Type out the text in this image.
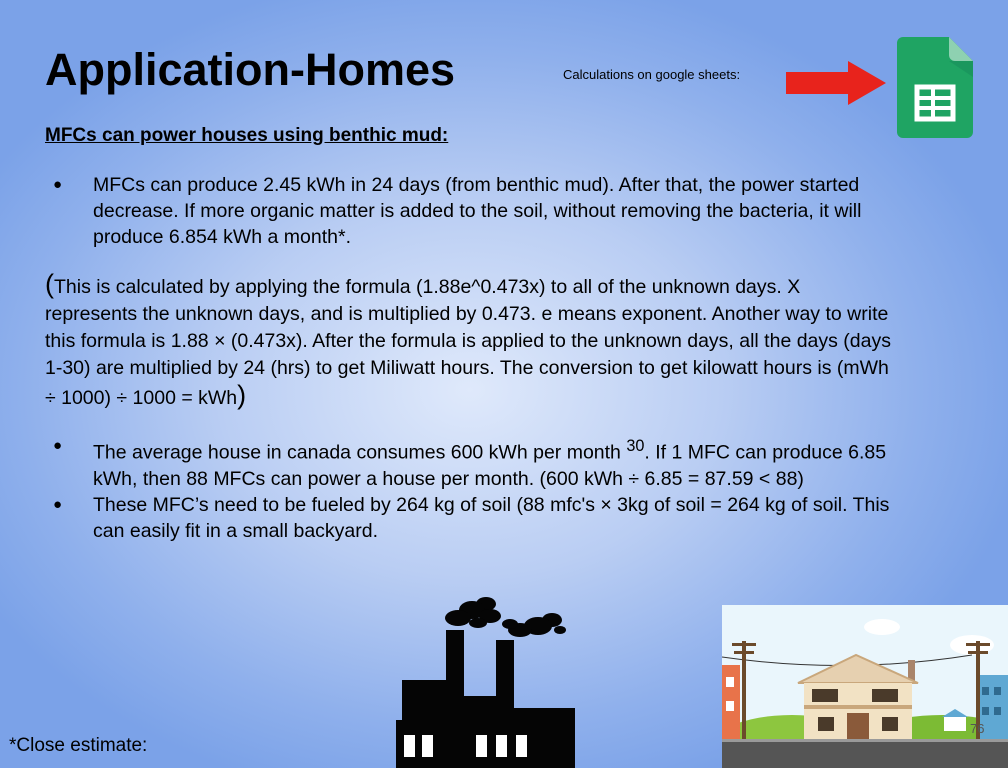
Application-Homes	Calculations on google sheets:
MFCs can power houses using benthic mud:
● MFCs can produce 2.45 kWh in 24 days (from benthic mud). After that, the power started decrease. If more organic matter is added to the soil, without removing the bacteria, it will produce 6.854 kWh a month*.

(This is calculated by applying the formula (1.88e^0.473x) to all of the unknown days. X represents the unknown days, and is multiplied by 0.473. e means exponent. Another way to write this formula is 1.88 × (0.473x). After the formula is applied to the unknown days, all the days (days 1-30) are multiplied by 24 (hrs) to get Miliwatt hours. The conversion to get kilowatt hours is (mWh ÷ 1000) ÷ 1000 = kWh)

● The average house in canada consumes 600 kWh per month $^{30}$. If 1 MFC can produce 6.85 kWh, then 88 MFCs can power a house per month. (600 kWh ÷ 6.85 = 87.59 < 88)
● These MFC’s need to be fueled by 264 kg of soil (88 mfc's × 3kg of soil = 264 kg of soil. This can easily fit in a small backyard.
76
*Close estimate:
